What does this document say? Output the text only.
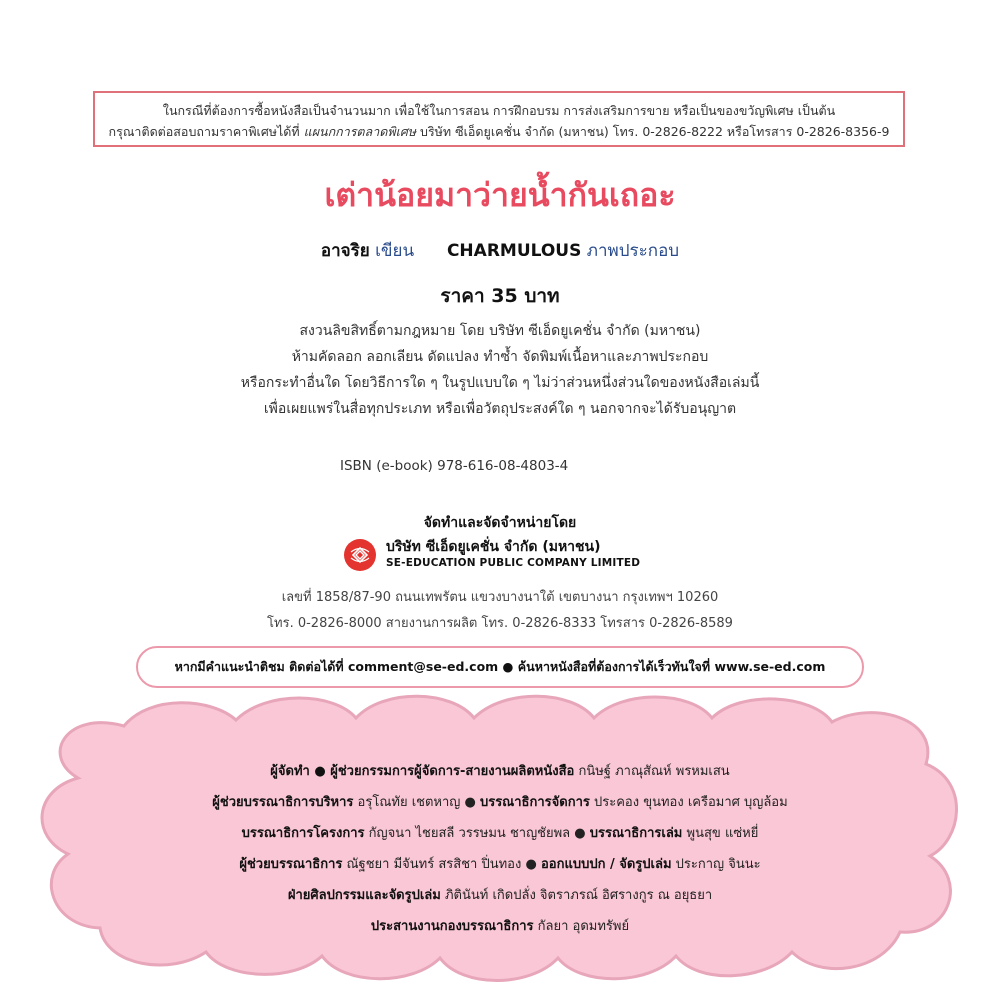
ในกรณีที่ต้องการซื้อหนังสือเป็นจำนวนมาก เพื่อใช้ในการสอน การฝึกอบรม การส่งเสริมการขาย หรือเป็นของขวัญพิเศษ เป็นต้น
กรุณาติดต่อสอบถามราคาพิเศษได้ที่ แผนกการตลาดพิเศษ บริษัท ซีเอ็ดยูเคชั่น จำกัด (มหาชน) โทร. 0-2826-8222 หรือโทรสาร 0-2826-8356-9
เต่าน้อยมาว่ายน้ำกันเถอะ
อาจริย เขียน CHARMULOUS ภาพประกอบ
ราคา 35 บาท
สงวนลิขสิทธิ์ตามกฎหมาย โดย บริษัท ซีเอ็ดยูเคชั่น จำกัด (มหาชน)
ห้ามคัดลอก ลอกเลียน ดัดแปลง ทำซ้ำ จัดพิมพ์เนื้อหาและภาพประกอบ
หรือกระทำอื่นใด โดยวิธีการใด ๆ ในรูปแบบใด ๆ ไม่ว่าส่วนหนึ่งส่วนใดของหนังสือเล่มนี้
เพื่อเผยแพร่ในสื่อทุกประเภท หรือเพื่อวัตถุประสงค์ใด ๆ นอกจากจะได้รับอนุญาต
ISBN (e-book) 978-616-08-4803-4
จัดทำและจัดจำหน่ายโดย
บริษัท ซีเอ็ดยูเคชั่น จำกัด (มหาชน)
SE-EDUCATION PUBLIC COMPANY LIMITED
เลขที่ 1858/87-90 ถนนเทพรัตน แขวงบางนาใต้ เขตบางนา กรุงเทพฯ 10260
โทร. 0-2826-8000 สายงานการผลิต โทร. 0-2826-8333 โทรสาร 0-2826-8589
หากมีคำแนะนำติชม ติดต่อได้ที่ comment@se-ed.com ● ค้นหาหนังสือที่ต้องการได้เร็วทันใจที่ www.se-ed.com
ผู้จัดทำ ● ผู้ช่วยกรรมการผู้จัดการ-สายงานผลิตหนังสือ กนิษฐ์ ภาณุสัณห์ พรหมเสน
ผู้ช่วยบรรณาธิการบริหาร อรุโณทัย เชตหาญ ● บรรณาธิการจัดการ ประคอง ขุนทอง เครือมาศ บุญล้อม
บรรณาธิการโครงการ กัญจนา ไชยสลี วรรษมน ชาญชัยพล ● บรรณาธิการเล่ม พูนสุข แซ่หยี่
ผู้ช่วยบรรณาธิการ ณัฐชยา มีจันทร์ สรสิชา ปิ่นทอง ● ออกแบบปก / จัดรูปเล่ม ประกาญ จินนะ
ฝ่ายศิลปกรรมและจัดรูปเล่ม ภิตินันท์ เกิดปลั่ง จิตราภรณ์ อิศรางกูร ณ อยุธยา
ประสานงานกองบรรณาธิการ กัลยา อุดมทรัพย์
